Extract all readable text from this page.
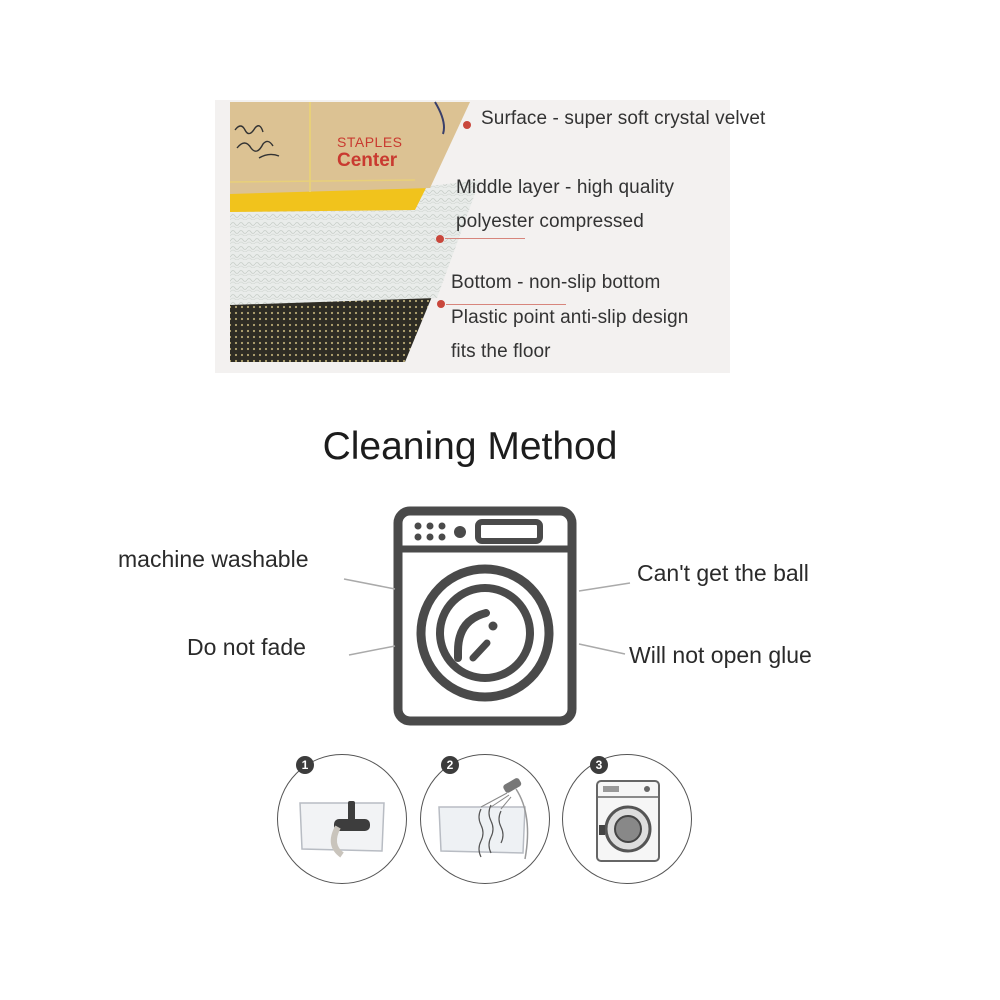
STAPLES
Center
Surface - super soft crystal velvet
Middle layer - high quality
polyester compressed
Bottom - non-slip bottom
Plastic point anti-slip design
fits the floor
Cleaning Method
machine washable
Do not fade
Can't get the ball
Will not open glue
1	2	3
